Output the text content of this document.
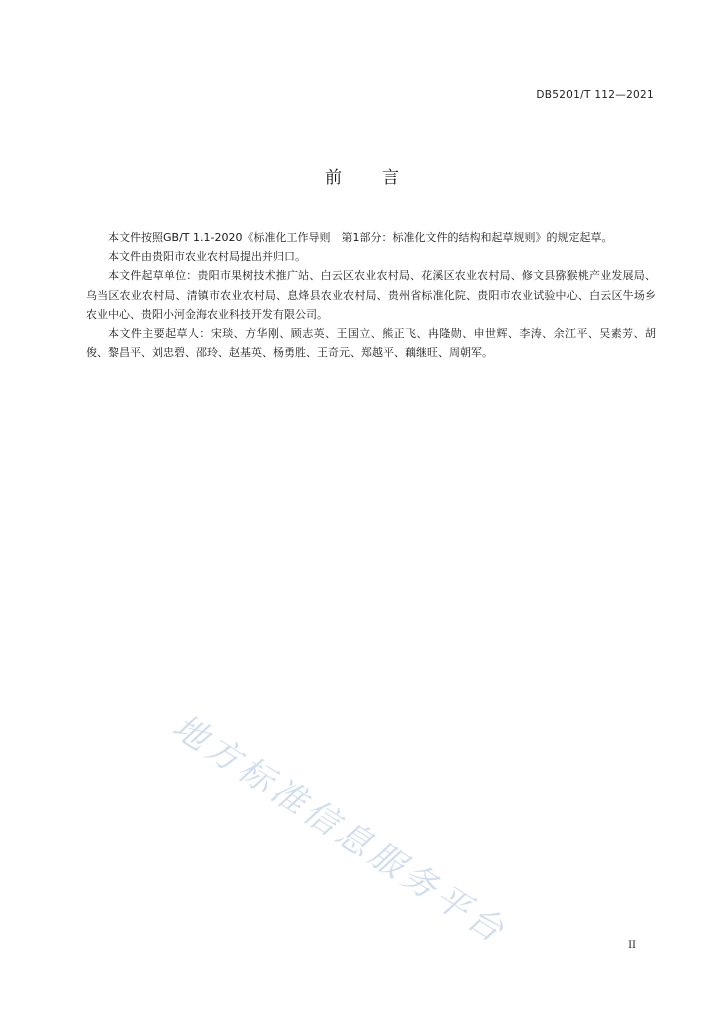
DB5201/T 112—2021
前 言

本文件按照GB/T 1.1-2020《标准化工作导则　第1部分：标准化文件的结构和起草规则》的规定起草。

本文件由贵阳市农业农村局提出并归口。

本文件起草单位：贵阳市果树技术推广站、白云区农业农村局、花溪区农业农村局、修文县猕猴桃产业发展局、乌当区农业农村局、清镇市农业农村局、息烽县农业农村局、贵州省标准化院、贵阳市农业试验中心、白云区牛场乡农业中心、贵阳小河金海农业科技开发有限公司。

本文件主要起草人：宋琰、方华刚、顾志英、王国立、熊正飞、冉隆勋、申世辉、李涛、余江平、吴素芳、胡俊、黎昌平、刘忠碧、邵玲、赵基英、杨勇胜、王奇元、郑越平、藕继旺、周朝军。

地方标准信息服务平台	II
